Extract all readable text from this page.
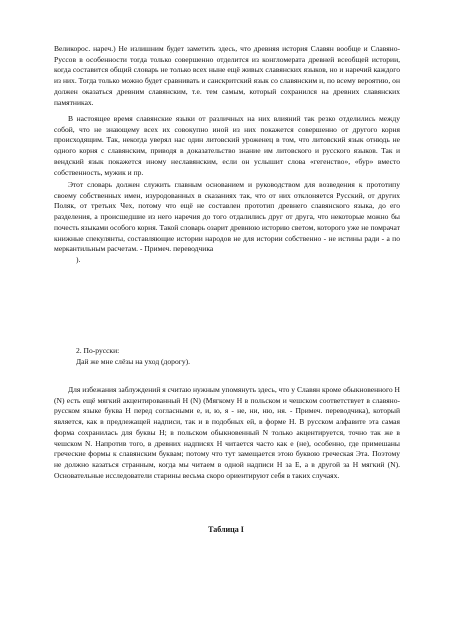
Великорос. нареч.) Не излишним будет заметить здесь, что древняя история Славян вообще и Славяно-Руссов в особенности тогда только совершенно отделится из конгломерата древней всеобщей истории, когда составится общий словарь не только всех ныне ещё живых славянских языков, но и наречий каждого из них. Тогда только можно будет сравнивать и санскритский язык со славянским и, по всему вероятию, он должен оказаться древним славянским, т.е. тем самым, который сохранился на древних славянских памятниках.

В настоящее время славянские языки от различных на них влияний так резко отделились между собой, что не знающему всех их совокупно иной из них покажется совершенно от другого корня происходящим. Так, некогда уверял нас один литовский уроженец в том, что литовский язык отнюдь не одного корня с славянским, приводя в доказательство знание им литовского и русского языков. Так и вендский язык покажется иному неславянским, если он услышит слова «гегенство», «бур» вместо собственность, мужик и пр.

Этот словарь должен служить главным основанием и руководством для возведения к прототипу своему собственных имен, изуродованных в сказаниях так, что от них отклоняется Русский, от других Поляк, от третьих Чех, потому что ещё не составлен прототип древнего славянского языка, до его разделения, а происшедшие из него наречия до того отдалились друг от друга, что некоторые можно бы почесть языками особого корня. Такой словарь озарит древнюю историю светом, которого уже не помрачат книжные спекулянты, составляющие истории народов не для истории собственно - не истины ради - а по меркантильным расчетам. - Примеч. переводчика

).

2. По-русски:

Дай же мне слёзы на уход (дорогу).

Для избежания заблуждений я считаю нужным упомянуть здесь, что у Славян кроме обыкновенного Н (N) есть ещё мягкий акцентированный Н (N) (Мягкому Н в польском и чешском соответствует в славяно-русском языке буква Н перед согласными е, и, ю, я - не, ни, ню, ня. - Примеч. переводчика), который является, как в предлежащей надписи, так и в подобных ей, в форме Н. В русском алфавите эта самая форма сохранилась для буквы Н; в польском обыкновенный N только акцентируется, точно так же в чешском N. Напротив того, в древних надписях Н читается часто как е (не), особенно, где примешаны греческие формы к славянским буквам; потому что тут замещается этою буквою греческая Эта. Поэтому не должно казаться странным, когда мы читаем в одной надписи Н за Е, а в другой за Н мягкий (N). Основательные исследователи старины весьма скоро ориентируют себя в таких случаях.

Таблица I
